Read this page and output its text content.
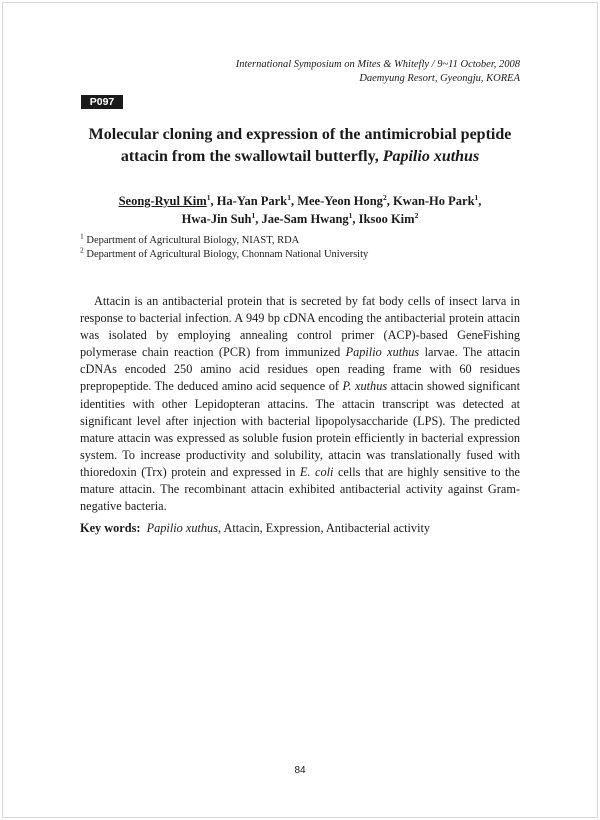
International Symposium on Mites & Whitefly / 9~11 October, 2008
Daemyung Resort, Gyeongju, KOREA
P097
Molecular cloning and expression of the antimicrobial peptide
attacin from the swallowtail butterfly, Papilio xuthus
Seong-Ryul Kim$^1$, Ha-Yan Park$^1$, Mee-Yeon Hong$^2$, Kwan-Ho Park$^1$,
Hwa-Jin Suh$^1$, Jae-Sam Hwang$^1$, Iksoo Kim$^2$
$^1$ Department of Agricultural Biology, NIAST, RDA
$^2$ Department of Agricultural Biology, Chonnam National University

Attacin is an antibacterial protein that is secreted by fat body cells of insect larva in response to bacterial infection. A 949 bp cDNA encoding the antibacterial protein attacin was isolated by employing annealing control primer (ACP)-based GeneFishing polymerase chain reaction (PCR) from immunized Papilio xuthus larvae. The attacin cDNAs encoded 250 amino acid residues open reading frame with 60 residues prepropeptide. The deduced amino acid sequence of P. xuthus attacin showed significant identities with other Lepidopteran attacins. The attacin transcript was detected at significant level after injection with bacterial lipopolysaccharide (LPS). The predicted mature attacin was expressed as soluble fusion protein efficiently in bacterial expression system. To increase productivity and solubility, attacin was translationally fused with thioredoxin (Trx) protein and expressed in E. coli cells that are highly sensitive to the mature attacin. The recombinant attacin exhibited antibacterial activity against Gram-negative bacteria.

Key words: Papilio xuthus, Attacin, Expression, Antibacterial activity
84
